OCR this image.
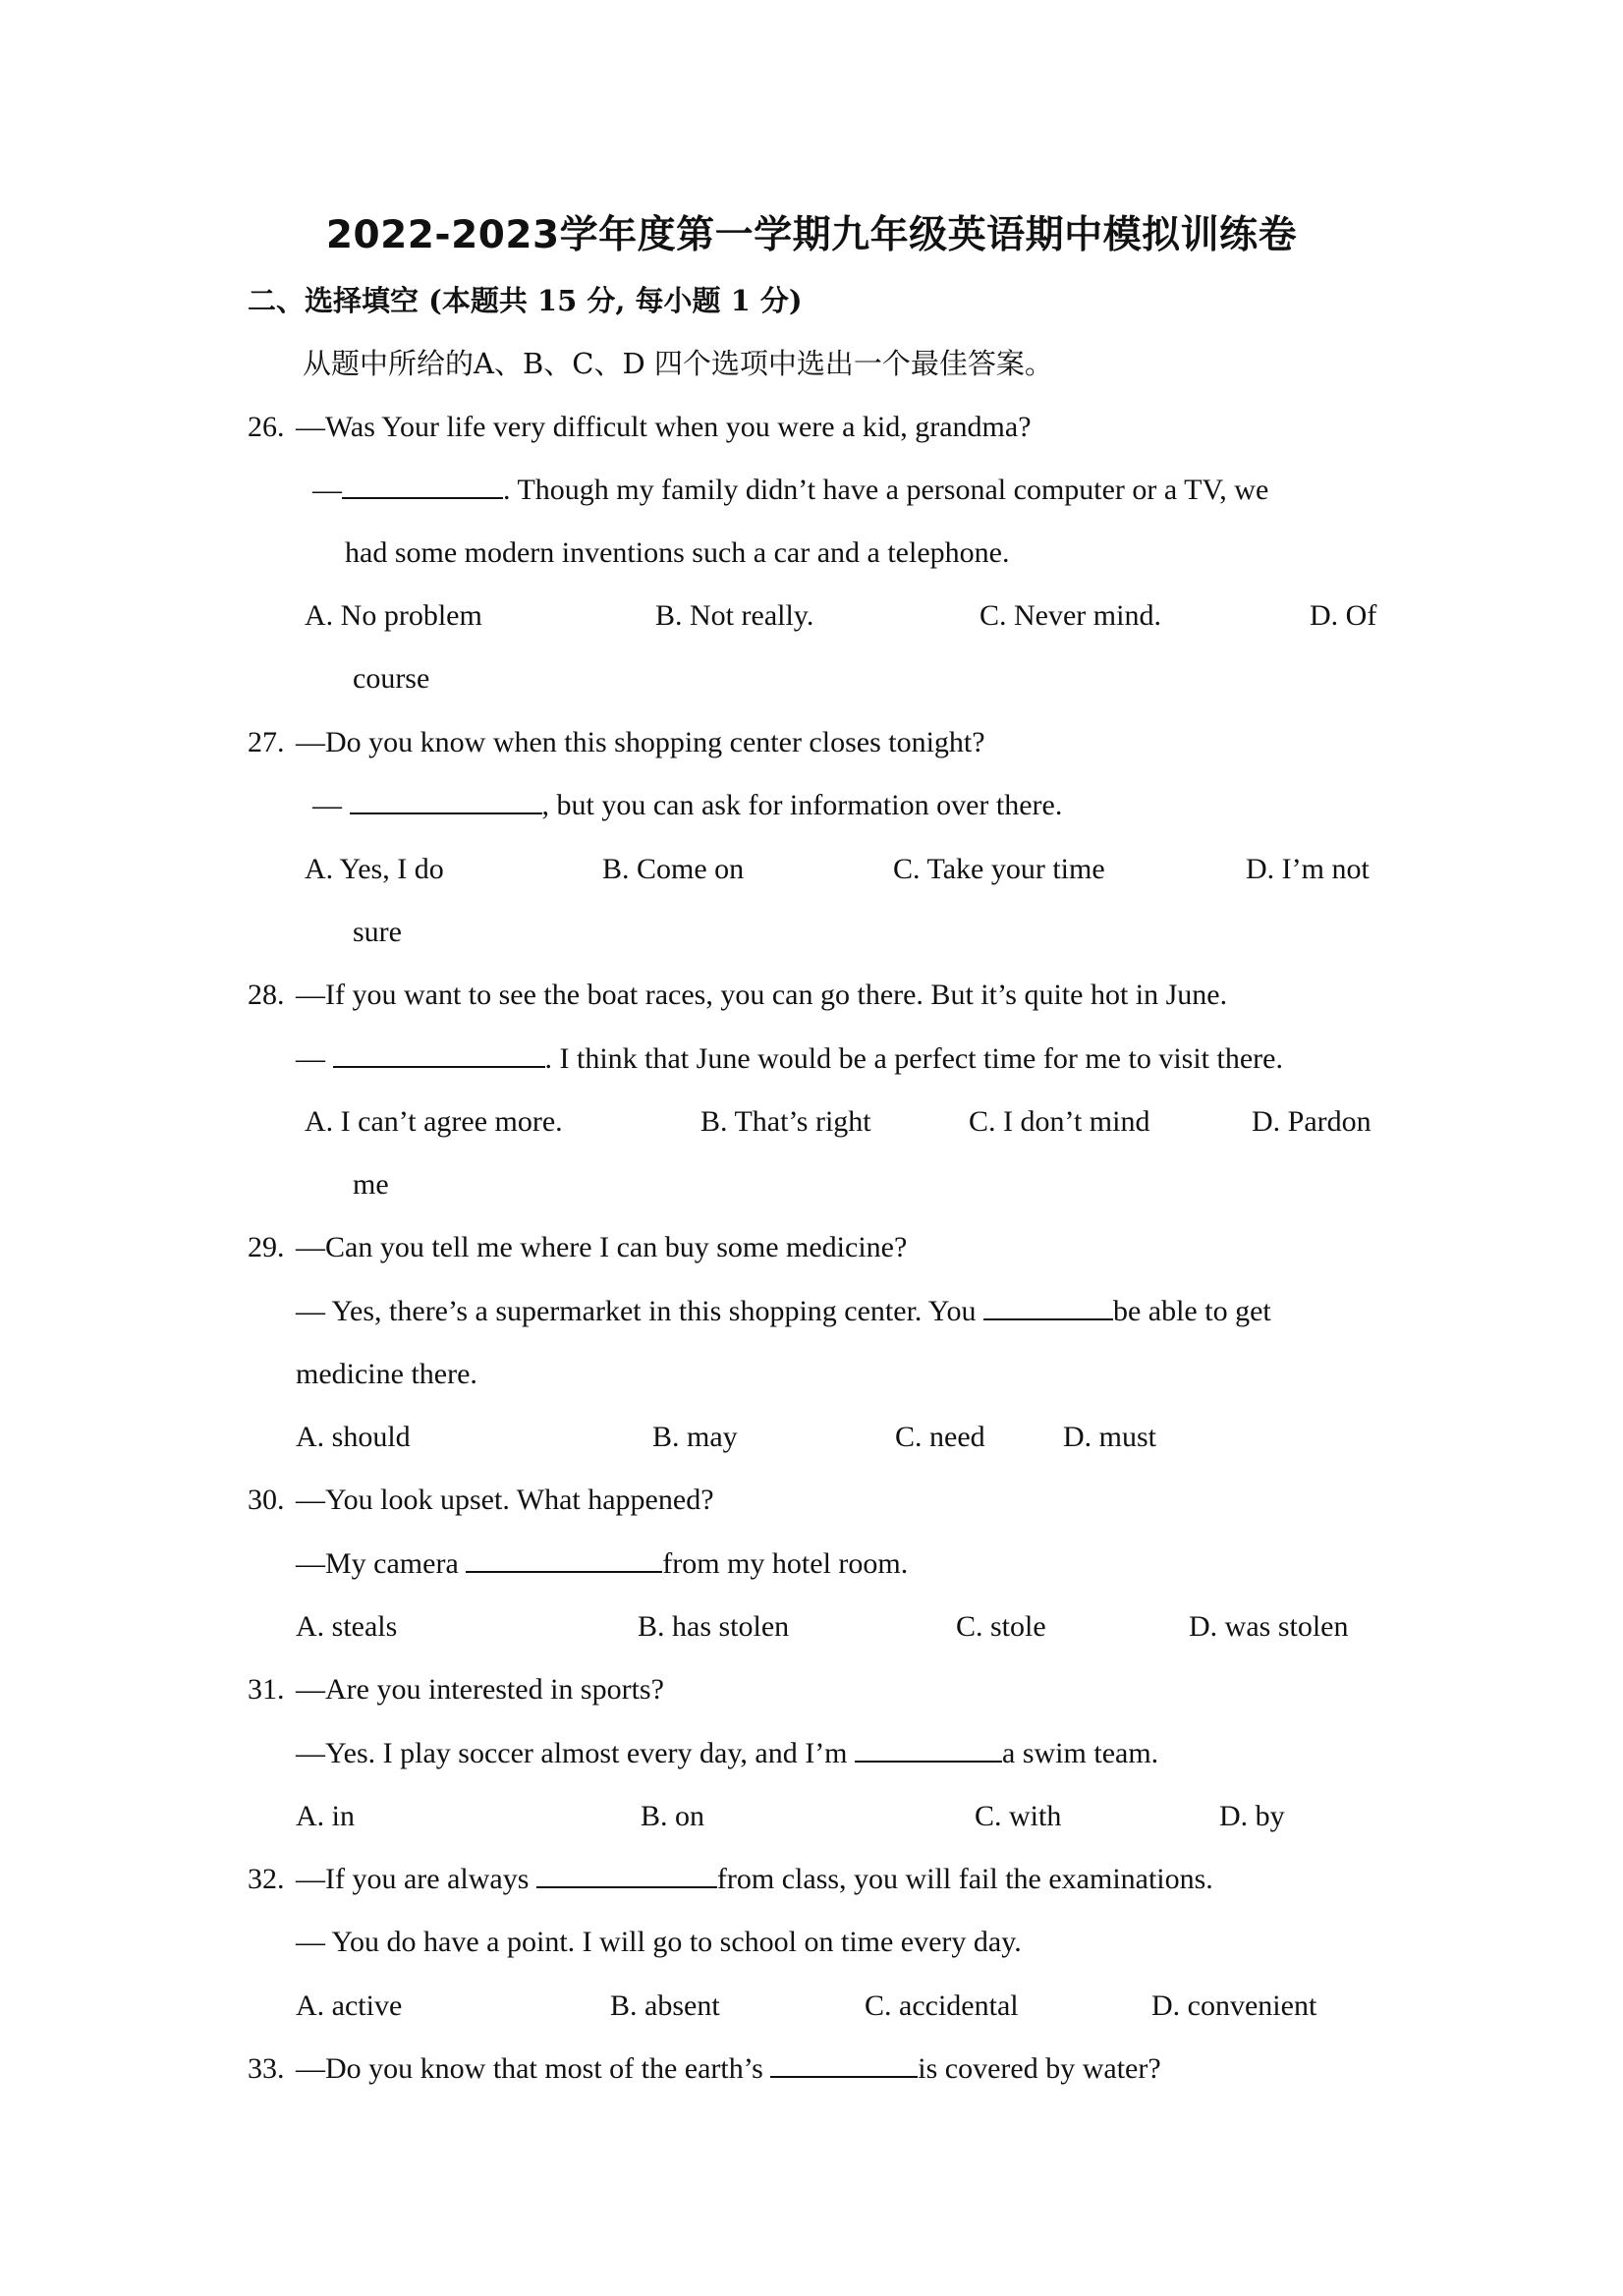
2022-2023学年度第一学期九年级英语期中模拟训练卷
二、选择填空 (本题共 15 分, 每小题 1 分)
从题中所给的A、B、C、D 四个选项中选出一个最佳答案。
26. —Was Your life very difficult when you were a kid, grandma?
—	. Though my family didn’t have a personal computer or a TV, we
had some modern inventions such a car and a telephone.
A. No problem	B. Not really.	C. Never mind.	D. Of
course
27. —Do you know when this shopping center closes tonight?
—	, but you can ask for information over there.
A. Yes, I do	B. Come on	C. Take your time	D. I’m not
sure
28. —If you want to see the boat races, you can go there. But it’s quite hot in June.
—	. I think that June would be a perfect time for me to visit there.
A. I can’t agree more.	B. That’s right	C. I don’t mind	D. Pardon
me
29. —Can you tell me where I can buy some medicine?
— Yes, there’s a supermarket in this shopping center. You	be able to get
medicine there.
A. should	B. may	C. need	D. must
30. —You look upset. What happened?
—My camera	from my hotel room.
A. steals	B. has stolen	C. stole	D. was stolen
31. —Are you interested in sports?
—Yes. I play soccer almost every day, and I’m	a swim team.
A. in	B. on	C. with	D. by
32. —If you are always	from class, you will fail the examinations.
— You do have a point. I will go to school on time every day.
A. active	B. absent	C. accidental	D. convenient
33. —Do you know that most of the earth’s	is covered by water?
